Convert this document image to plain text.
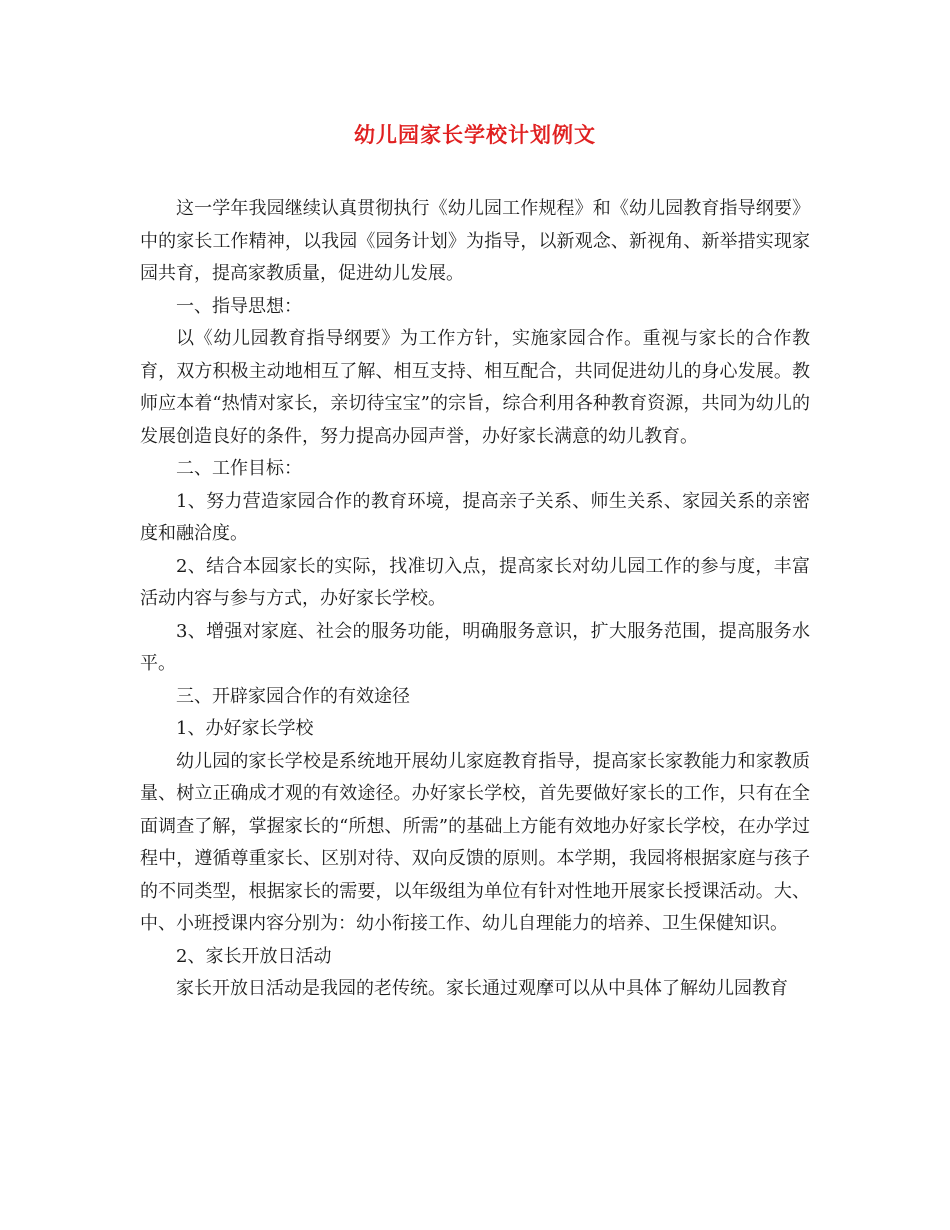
幼儿园家长学校计划例文

这一学年我园继续认真贯彻执行《幼儿园工作规程》和《幼儿园教育指导纲要》中的家长工作精神，以我园《园务计划》为指导，以新观念、新视角、新举措实现家园共育，提高家教质量，促进幼儿发展。

一、指导思想：

以《幼儿园教育指导纲要》为工作方针，实施家园合作。重视与家长的合作教育，双方积极主动地相互了解、相互支持、相互配合，共同促进幼儿的身心发展。教师应本着“热情对家长，亲切待宝宝”的宗旨，综合利用各种教育资源，共同为幼儿的发展创造良好的条件，努力提高办园声誉，办好家长满意的幼儿教育。

二、工作目标：

1、努力营造家园合作的教育环境，提高亲子关系、师生关系、家园关系的亲密度和融洽度。

2、结合本园家长的实际，找准切入点，提高家长对幼儿园工作的参与度，丰富活动内容与参与方式，办好家长学校。

3、增强对家庭、社会的服务功能，明确服务意识，扩大服务范围，提高服务水平。

三、开辟家园合作的有效途径

1、办好家长学校

幼儿园的家长学校是系统地开展幼儿家庭教育指导，提高家长家教能力和家教质量、树立正确成才观的有效途径。办好家长学校，首先要做好家长的工作，只有在全面调查了解，掌握家长的“所想、所需”的基础上方能有效地办好家长学校，在办学过程中，遵循尊重家长、区别对待、双向反馈的原则。本学期，我园将根据家庭与孩子的不同类型，根据家长的需要，以年级组为单位有针对性地开展家长授课活动。大、中、小班授课内容分别为：幼小衔接工作、幼儿自理能力的培养、卫生保健知识。

2、家长开放日活动

家长开放日活动是我园的老传统。家长通过观摩可以从中具体了解幼儿园教育
